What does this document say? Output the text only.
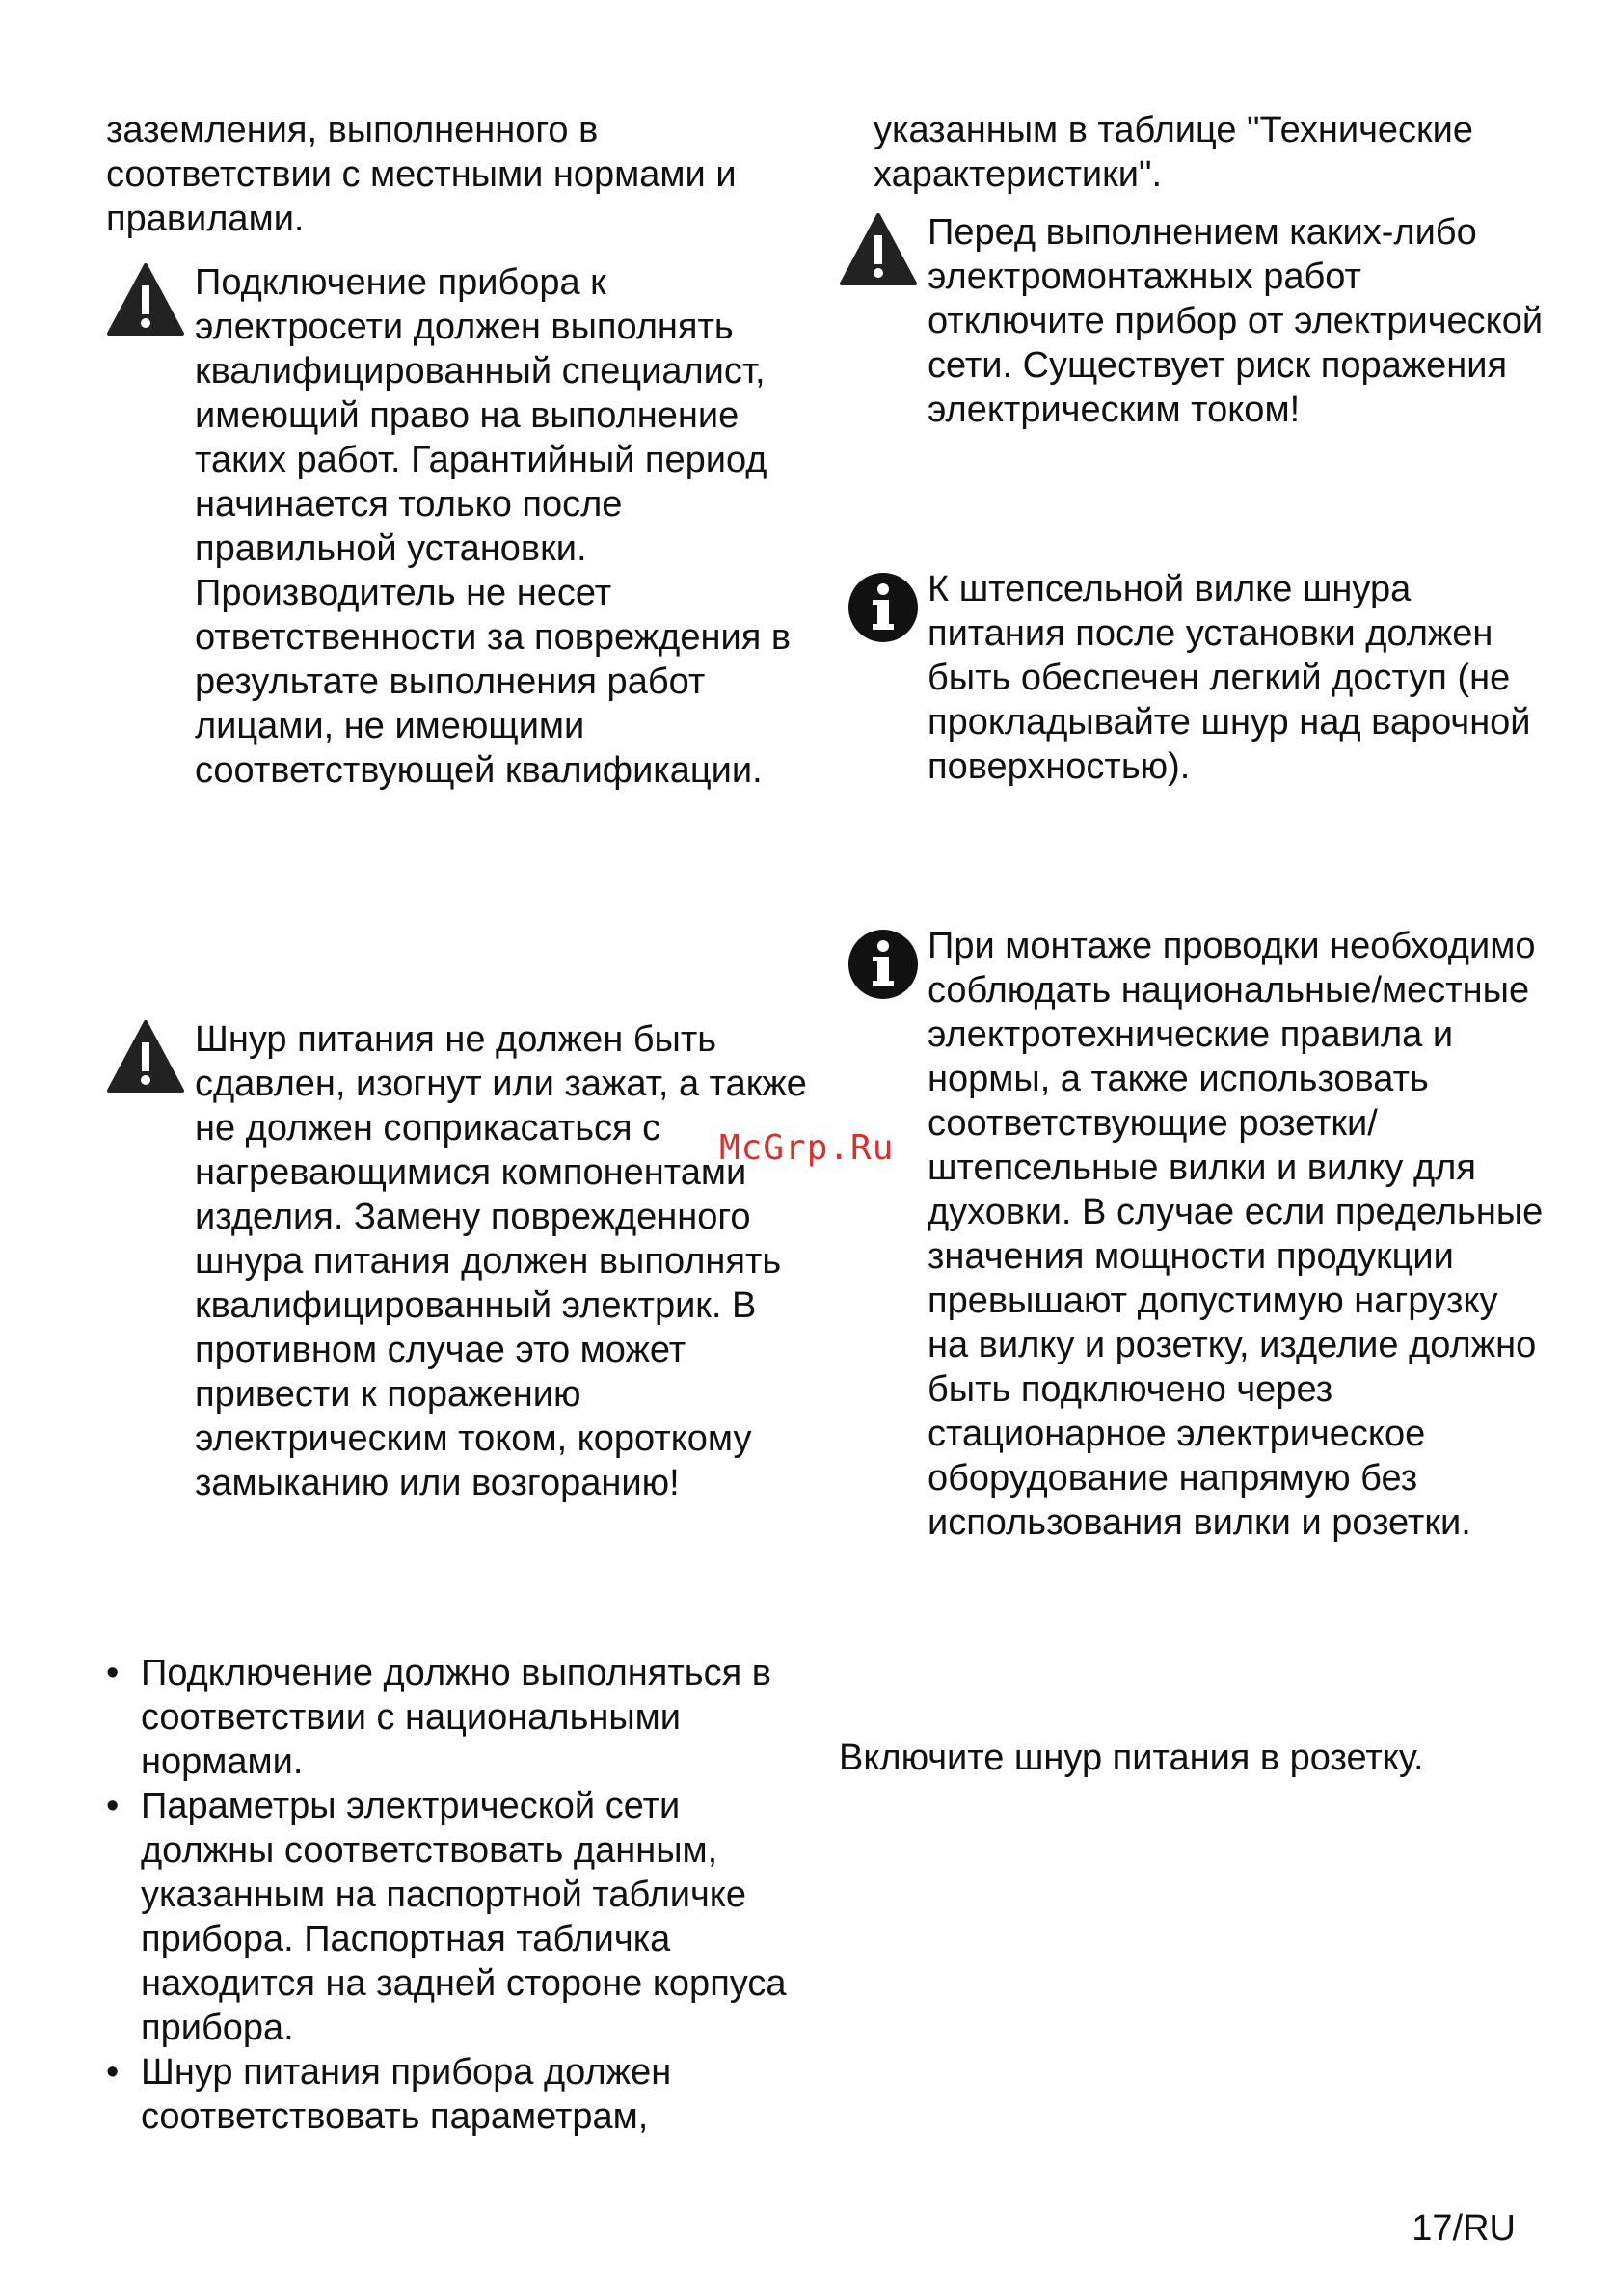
заземления, выполненного в соответствии с местными нормами и правилами.

Подключение прибора к электросети должен выполнять квалифицированный специалист, имеющий право на выполнение таких работ. Гарантийный период начинается только после правильной установки. Производитель не несет ответственности за повреждения в результате выполнения работ лицами, не имеющими соответствующей квалификации.

Шнур питания не должен быть сдавлен, изогнут или зажат, а также не должен соприкасаться с нагревающимися компонентами изделия. Замену поврежденного шнура питания должен выполнять квалифицированный электрик. В противном случае это может привести к поражению электрическим током, короткому замыканию или возгоранию!

• Подключение должно выполняться в соответствии с национальными нормами.
• Параметры электрической сети должны соответствовать данным, указанным на паспортной табличке прибора. Паспортная табличка находится на задней стороне корпуса прибора.
• Шнур питания прибора должен соответствовать параметрам,

указанным в таблице "Технические характеристики".

Перед выполнением каких-либо электромонтажных работ отключите прибор от электрической сети. Существует риск поражения электрическим током!

К штепсельной вилке шнура питания после установки должен быть обеспечен легкий доступ (не прокладывайте шнур над варочной поверхностью).

При монтаже проводки необходимо соблюдать национальные/местные электротехнические правила и нормы, а также использовать соответствующие розетки/штепсельные вилки и вилку для духовки. В случае если предельные значения мощности продукции превышают допустимую нагрузку на вилку и розетку, изделие должно быть подключено через стационарное электрическое оборудование напрямую без использования вилки и розетки.

Включите шнур питания в розетку.

McGrp.Ru
17/RU
